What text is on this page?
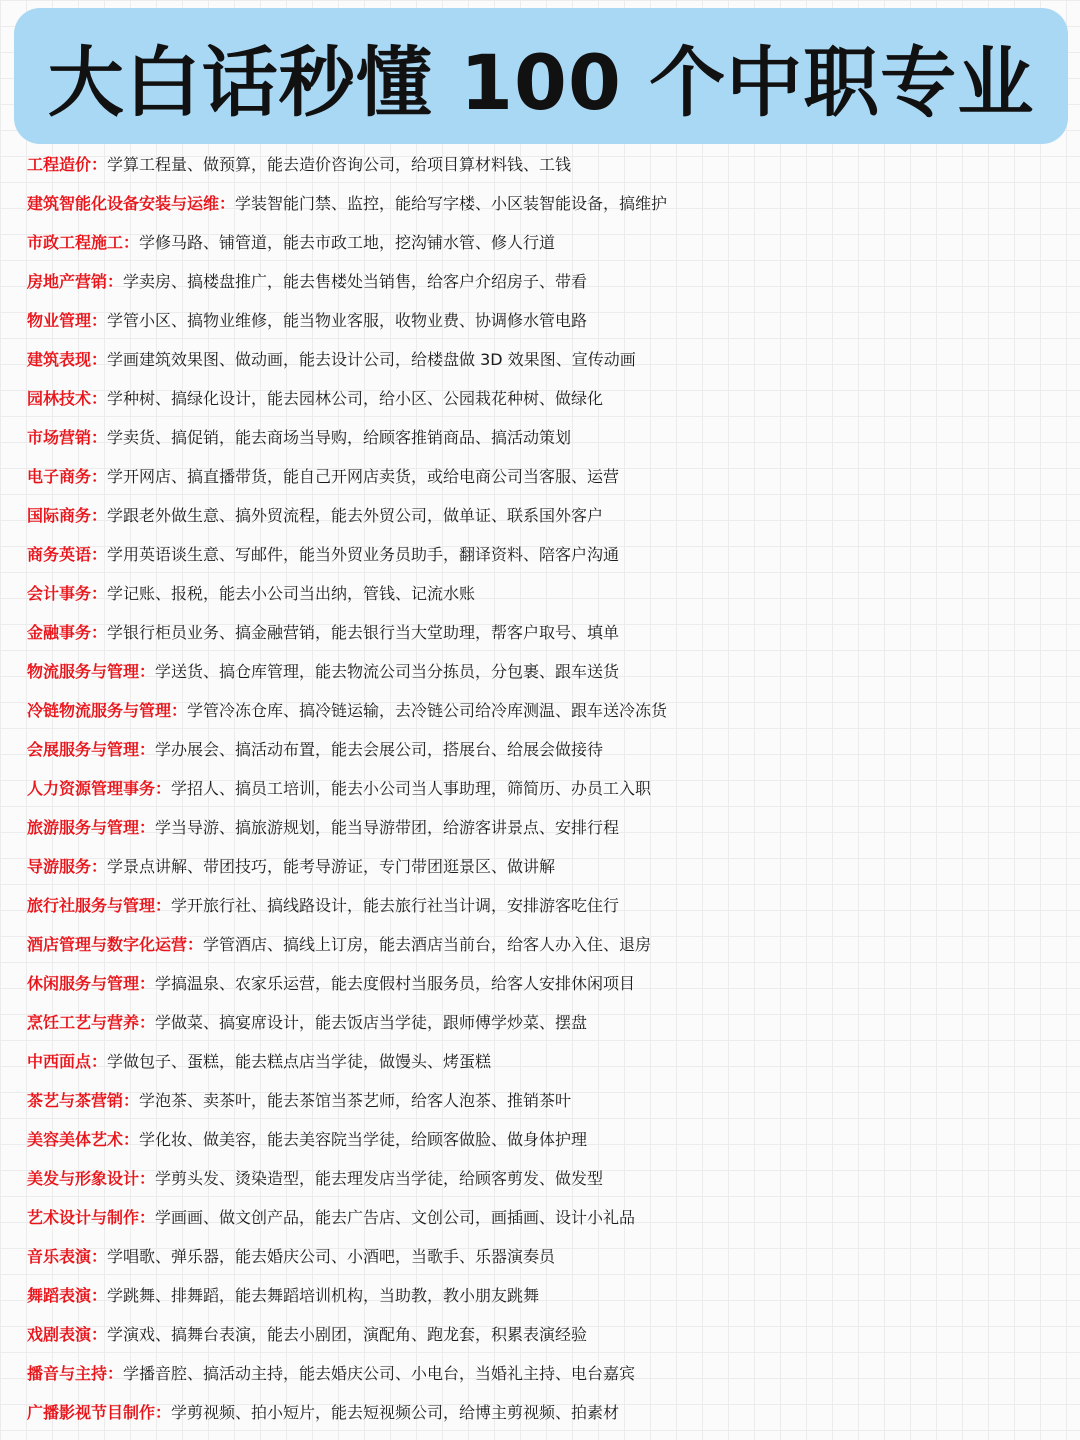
大白话秒懂 100 个中职专业
工程造价：学算工程量、做预算，能去造价咨询公司，给项目算材料钱、工钱
建筑智能化设备安装与运维：学装智能门禁、监控，能给写字楼、小区装智能设备，搞维护
市政工程施工：学修马路、铺管道，能去市政工地，挖沟铺水管、修人行道
房地产营销：学卖房、搞楼盘推广，能去售楼处当销售，给客户介绍房子、带看
物业管理：学管小区、搞物业维修，能当物业客服，收物业费、协调修水管电路
建筑表现：学画建筑效果图、做动画，能去设计公司，给楼盘做 3D 效果图、宣传动画
园林技术：学种树、搞绿化设计，能去园林公司，给小区、公园栽花种树、做绿化
市场营销：学卖货、搞促销，能去商场当导购，给顾客推销商品、搞活动策划
电子商务：学开网店、搞直播带货，能自己开网店卖货，或给电商公司当客服、运营
国际商务：学跟老外做生意、搞外贸流程，能去外贸公司，做单证、联系国外客户
商务英语：学用英语谈生意、写邮件，能当外贸业务员助手，翻译资料、陪客户沟通
会计事务：学记账、报税，能去小公司当出纳，管钱、记流水账
金融事务：学银行柜员业务、搞金融营销，能去银行当大堂助理，帮客户取号、填单
物流服务与管理：学送货、搞仓库管理，能去物流公司当分拣员，分包裹、跟车送货
冷链物流服务与管理：学管冷冻仓库、搞冷链运输，去冷链公司给冷库测温、跟车送冷冻货
会展服务与管理：学办展会、搞活动布置，能去会展公司，搭展台、给展会做接待
人力资源管理事务：学招人、搞员工培训，能去小公司当人事助理，筛简历、办员工入职
旅游服务与管理：学当导游、搞旅游规划，能当导游带团，给游客讲景点、安排行程
导游服务：学景点讲解、带团技巧，能考导游证，专门带团逛景区、做讲解
旅行社服务与管理：学开旅行社、搞线路设计，能去旅行社当计调，安排游客吃住行
酒店管理与数字化运营：学管酒店、搞线上订房，能去酒店当前台，给客人办入住、退房
休闲服务与管理：学搞温泉、农家乐运营，能去度假村当服务员，给客人安排休闲项目
烹饪工艺与营养：学做菜、搞宴席设计，能去饭店当学徒，跟师傅学炒菜、摆盘
中西面点：学做包子、蛋糕，能去糕点店当学徒，做馒头、烤蛋糕
茶艺与茶营销：学泡茶、卖茶叶，能去茶馆当茶艺师，给客人泡茶、推销茶叶
美容美体艺术：学化妆、做美容，能去美容院当学徒，给顾客做脸、做身体护理
美发与形象设计：学剪头发、烫染造型，能去理发店当学徒，给顾客剪发、做发型
艺术设计与制作：学画画、做文创产品，能去广告店、文创公司，画插画、设计小礼品
音乐表演：学唱歌、弹乐器，能去婚庆公司、小酒吧，当歌手、乐器演奏员
舞蹈表演：学跳舞、排舞蹈，能去舞蹈培训机构，当助教，教小朋友跳舞
戏剧表演：学演戏、搞舞台表演，能去小剧团，演配角、跑龙套，积累表演经验
播音与主持：学播音腔、搞活动主持，能去婚庆公司、小电台，当婚礼主持、电台嘉宾
广播影视节目制作：学剪视频、拍小短片，能去短视频公司，给博主剪视频、拍素材
